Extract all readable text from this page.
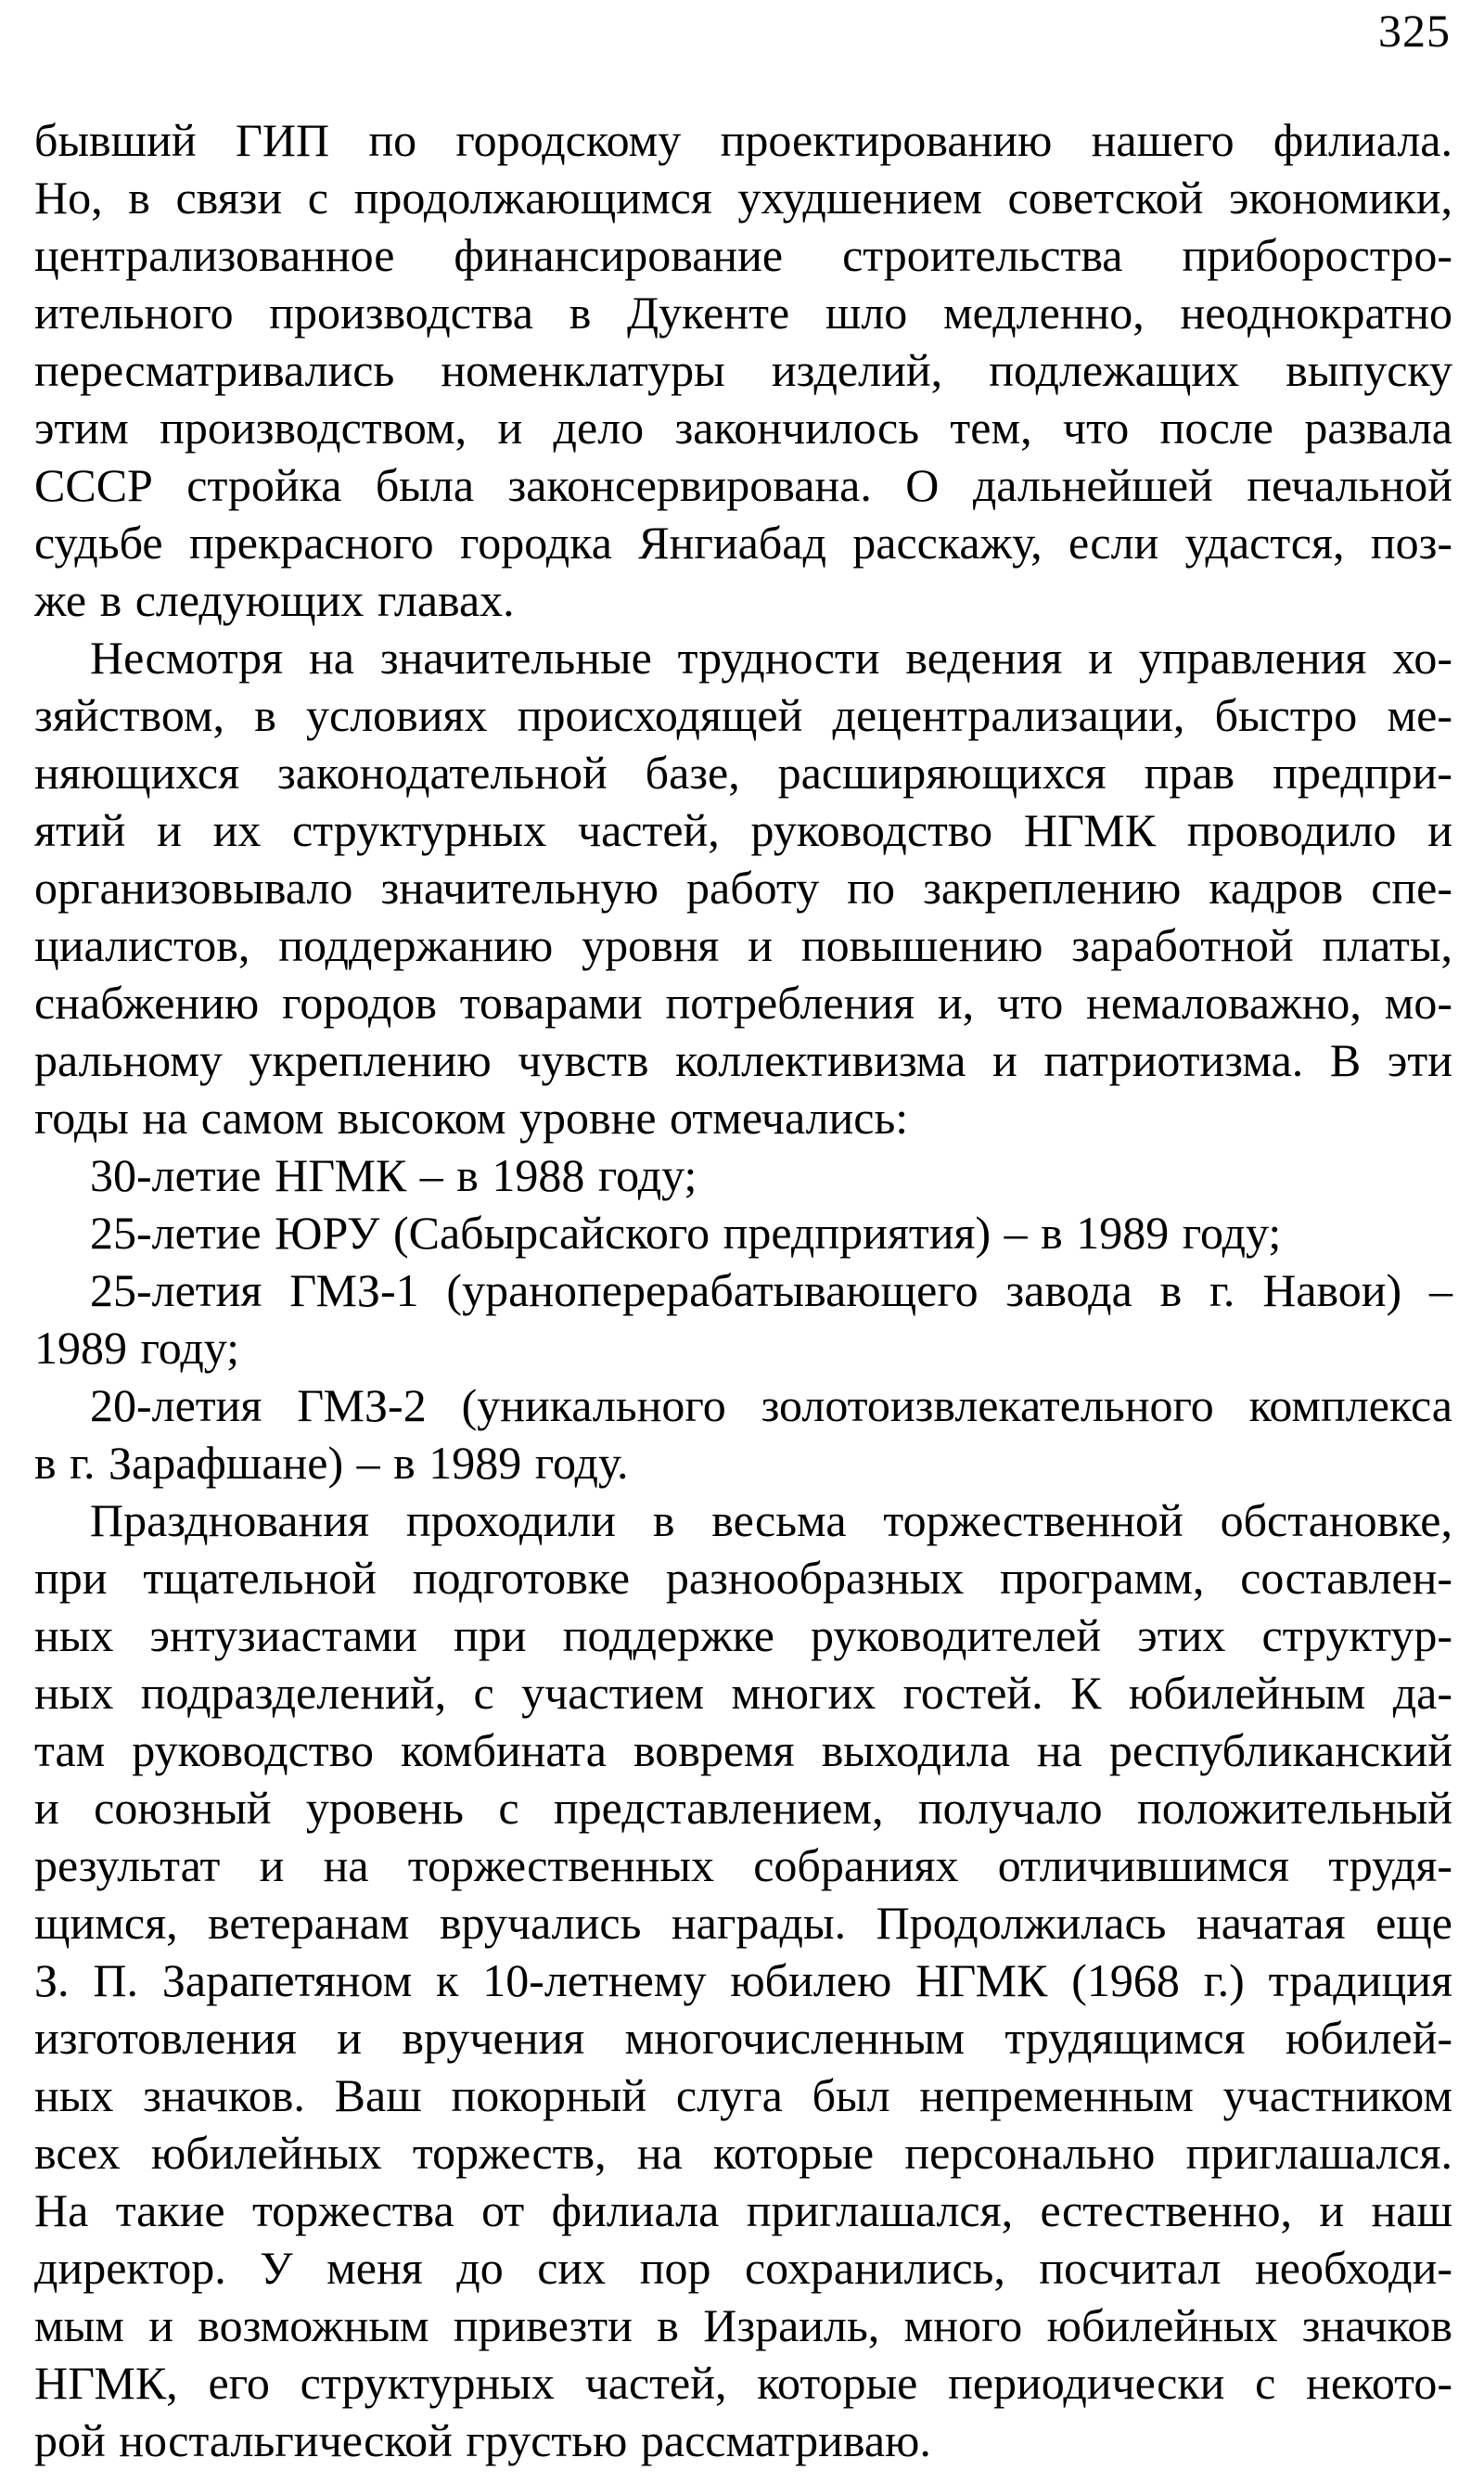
325
бывший ГИП по городскому проектированию нашего филиала.
Но, в связи с продолжающимся ухудшением советской экономики,
централизованное финансирование строительства приборостро-
ительного производства в Дукенте шло медленно, неоднократно
пересматривались номенклатуры изделий, подлежащих выпуску
этим производством, и дело закончилось тем, что после развала
СССР стройка была законсервирована. О дальнейшей печальной
судьбе прекрасного городка Янгиабад расскажу, если удастся, поз-
же в следующих главах.
Несмотря на значительные трудности ведения и управления хо-
зяйством, в условиях происходящей децентрализации, быстро ме-
няющихся законодательной базе, расширяющихся прав предпри-
ятий и их структурных частей, руководство НГМК проводило и
организовывало значительную работу по закреплению кадров спе-
циалистов, поддержанию уровня и повышению заработной платы,
снабжению городов товарами потребления и, что немаловажно, мо-
ральному укреплению чувств коллективизма и патриотизма. В эти
годы на самом высоком уровне отмечались:
30-летие НГМК – в 1988 году;
25-летие ЮРУ (Сабырсайского предприятия) – в 1989 году;
25-летия ГМЗ-1 (ураноперерабатывающего завода в г. Навои) –
1989 году;
20-летия ГМЗ-2 (уникального золотоизвлекательного комплекса
в г. Зарафшане) – в 1989 году.
Празднования проходили в весьма торжественной обстановке,
при тщательной подготовке разнообразных программ, составлен-
ных энтузиастами при поддержке руководителей этих структур-
ных подразделений, с участием многих гостей. К юбилейным да-
там руководство комбината вовремя выходила на республиканский
и союзный уровень с представлением, получало положительный
результат и на торжественных собраниях отличившимся трудя-
щимся, ветеранам вручались награды. Продолжилась начатая еще
З. П. Зарапетяном к 10-летнему юбилею НГМК (1968 г.) традиция
изготовления и вручения многочисленным трудящимся юбилей-
ных значков. Ваш покорный слуга был непременным участником
всех юбилейных торжеств, на которые персонально приглашался.
На такие торжества от филиала приглашался, естественно, и наш
директор. У меня до сих пор сохранились, посчитал необходи-
мым и возможным привезти в Израиль, много юбилейных значков
НГМК, его структурных частей, которые периодически с некото-
рой ностальгической грустью рассматриваю.
